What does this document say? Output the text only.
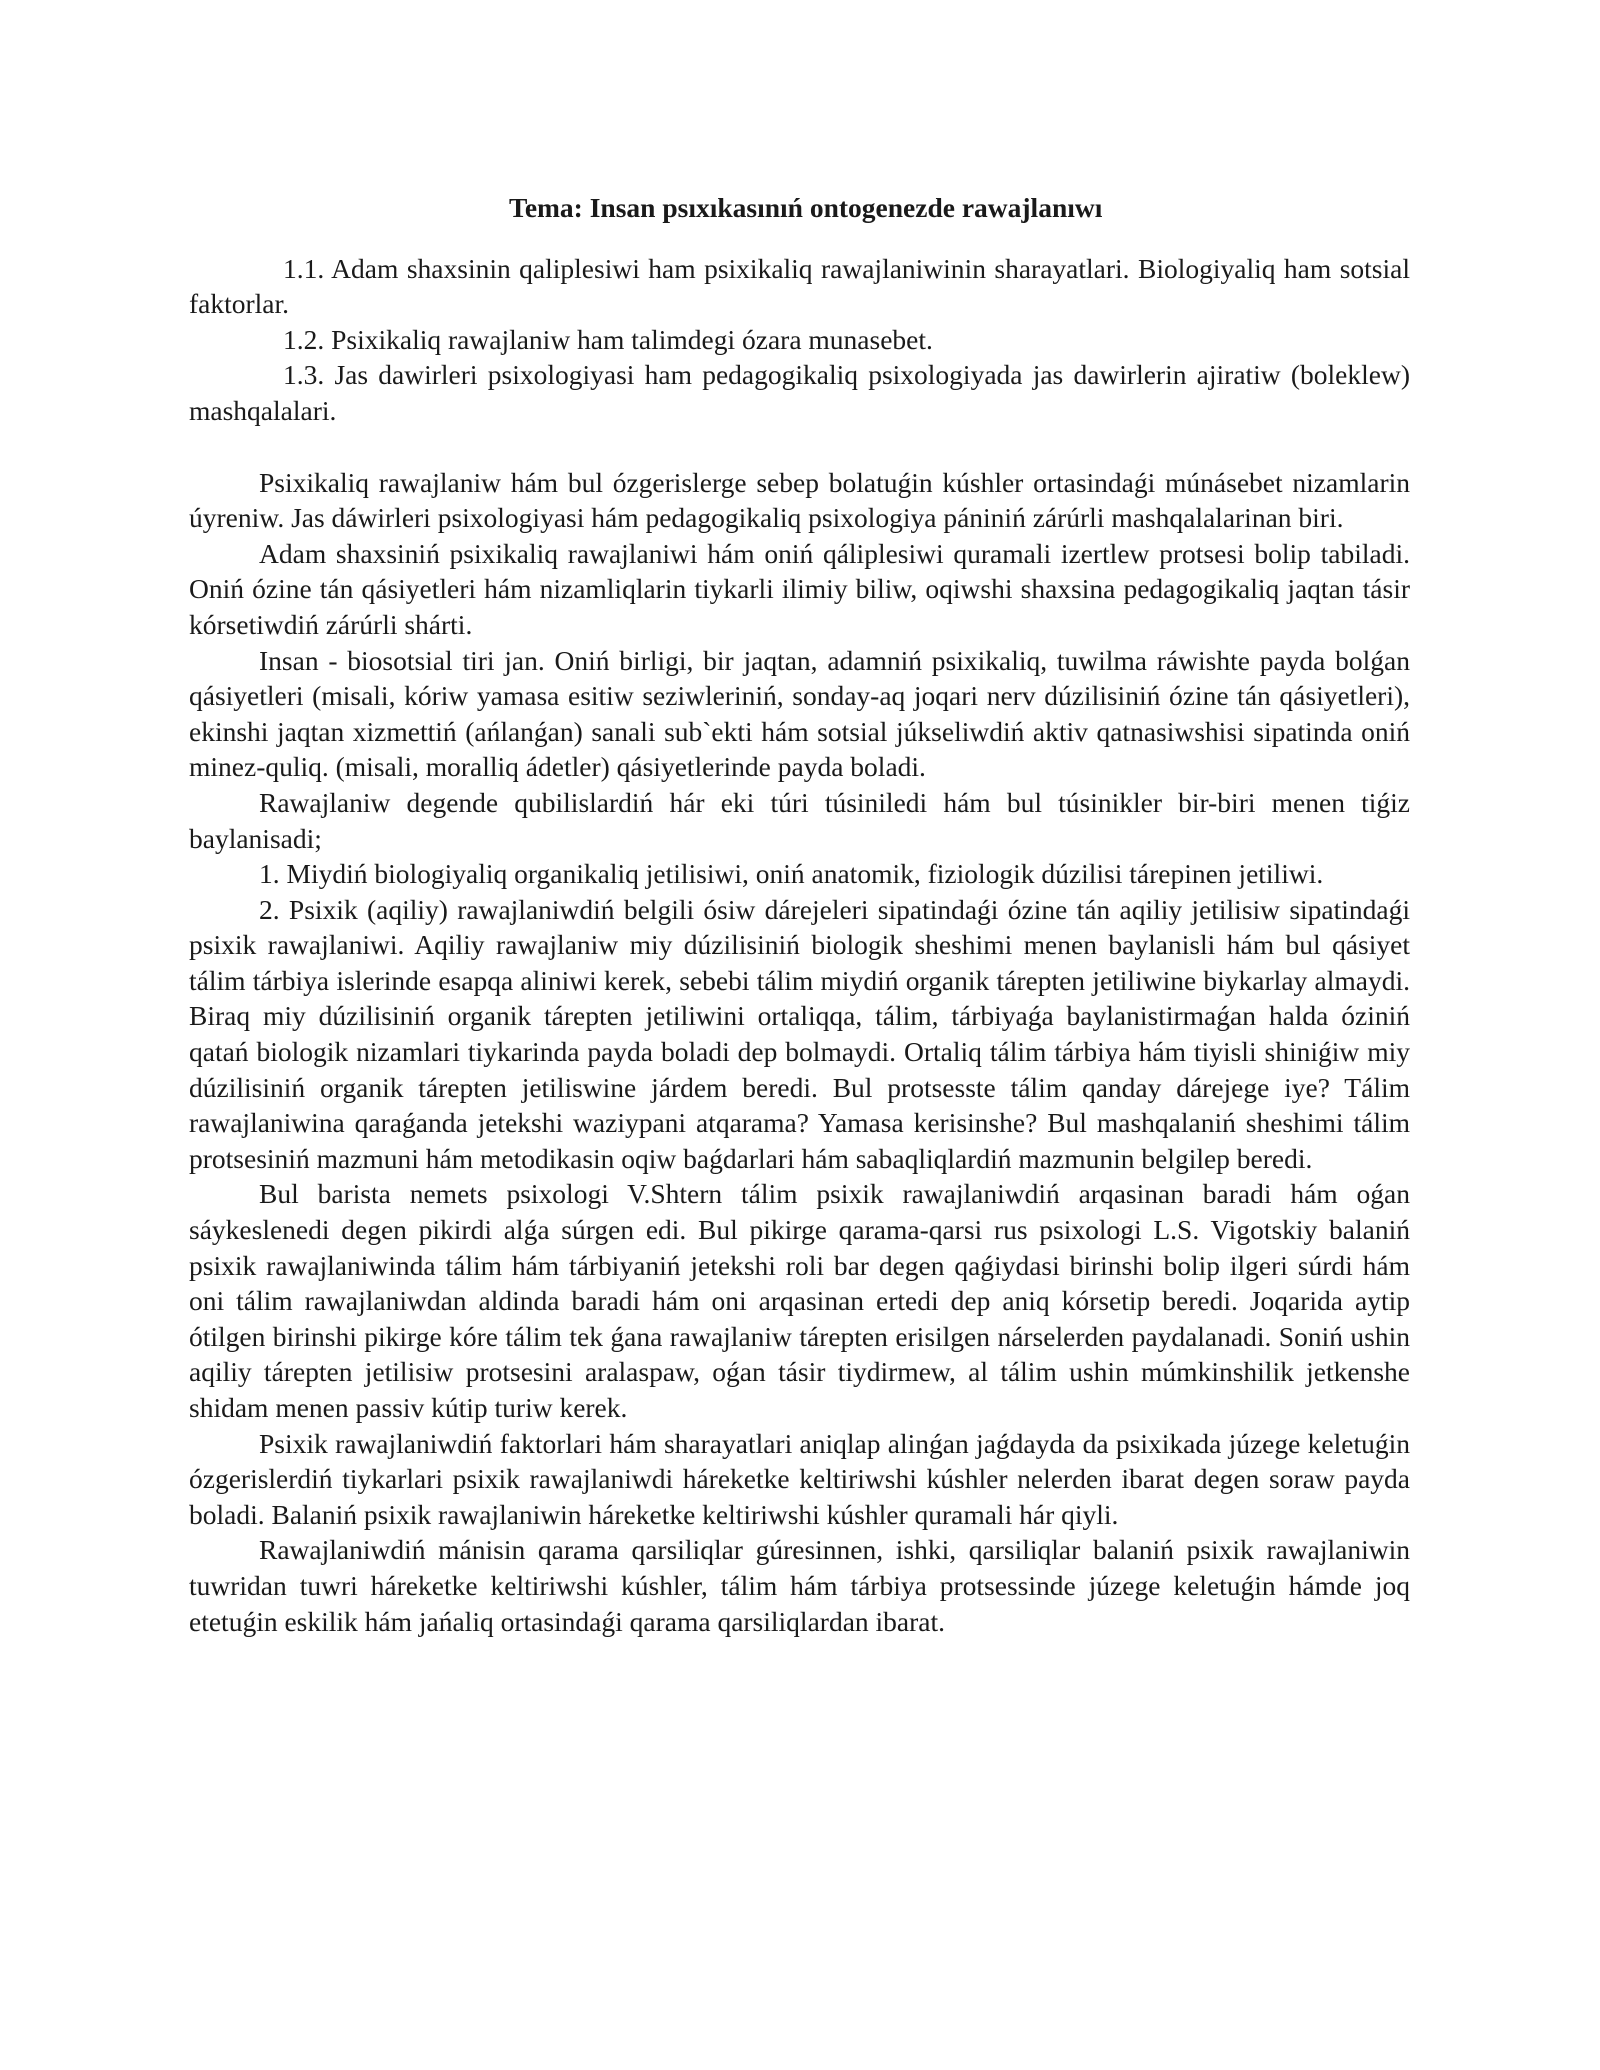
Tema: Insan psıxıkasınıń ontogenezde rawajlanıwı

1.1. Adam shaxsinin qaliplesiwi ham psixikaliq rawajlaniwinin sharayatlari. Biologiyaliq ham sotsial faktorlar.

1.2. Psixikaliq rawajlaniw ham talimdegi ózara munasebet.

1.3. Jas dawirleri psixologiyasi ham pedagogikaliq psixologiyada jas dawirlerin ajiratiw (boleklew) mashqalalari.

Psixikaliq rawajlaniw hám bul ózgerislerge sebep bolatuǵin kúshler ortasindaǵi múnásebet nizamlarin úyreniw. Jas dáwirleri psixologiyasi hám pedagogikaliq psixologiya pániniń zárúrli mashqalalarinan biri.

Adam shaxsiniń psixikaliq rawajlaniwi hám oniń qáliplesiwi quramali izertlew protsesi bolip tabiladi. Oniń ózine tán qásiyetleri hám nizamliqlarin tiykarli ilimiy biliw, oqiwshi shaxsina pedagogikaliq jaqtan tásir kórsetiwdiń zárúrli shárti.

Insan - biosotsial tiri jan. Oniń birligi, bir jaqtan, adamniń psixikaliq, tuwilma ráwishte payda bolǵan qásiyetleri (misali, kóriw yamasa esitiw seziwleriniń, sonday-aq joqari nerv dúzilisiniń ózine tán qásiyetleri), ekinshi jaqtan xizmettiń (ańlanǵan) sanali sub`ekti hám sotsial júkseliwdiń aktiv qatnasiwshisi sipatinda oniń minez-quliq. (misali, moralliq ádetler) qásiyetlerinde payda boladi.

Rawajlaniw degende qubilislardiń hár eki túri túsiniledi hám bul túsinikler bir-biri menen tiǵiz baylanisadi;

1. Miydiń biologiyaliq organikaliq jetilisiwi, oniń anatomik, fiziologik dúzilisi tárepinen jetiliwi.

2. Psixik (aqiliy) rawajlaniwdiń belgili ósiw dárejeleri sipatindaǵi ózine tán aqiliy jetilisiw sipatindaǵi psixik rawajlaniwi. Aqiliy rawajlaniw miy dúzilisiniń biologik sheshimi menen baylanisli hám bul qásiyet tálim tárbiya islerinde esapqa aliniwi kerek, sebebi tálim miydiń organik tárepten jetiliwine biykarlay almaydi. Biraq miy dúzilisiniń organik tárepten jetiliwini ortaliqqa, tálim, tárbiyaǵa baylanistirmaǵan halda óziniń qatań biologik nizamlari tiykarinda payda boladi dep bolmaydi. Ortaliq tálim tárbiya hám tiyisli shiniǵiw miy dúzilisiniń organik tárepten jetiliswine járdem beredi. Bul protsesste tálim qanday dárejege iye? Tálim rawajlaniwina qaraǵanda jetekshi waziypani atqarama? Yamasa kerisinshe? Bul mashqalaniń sheshimi tálim protsesiniń mazmuni hám metodikasin oqiw baǵdarlari hám sabaqliqlardiń mazmunin belgilep beredi.

Bul barista nemets psixologi V.Shtern tálim psixik rawajlaniwdiń arqasinan baradi hám oǵan sáykeslenedi degen pikirdi alǵa súrgen edi. Bul pikirge qarama-qarsi rus psixologi L.S. Vigotskiy balaniń psixik rawajlaniwinda tálim hám tárbiyaniń jetekshi roli bar degen qaǵiydasi birinshi bolip ilgeri súrdi hám oni tálim rawajlaniwdan aldinda baradi hám oni arqasinan ertedi dep aniq kórsetip beredi. Joqarida aytip ótilgen birinshi pikirge kóre tálim tek ǵana rawajlaniw tárepten erisilgen nárselerden paydalanadi. Soniń ushin aqiliy tárepten jetilisiw protsesini aralaspaw, oǵan tásir tiydirmew, al tálim ushin múmkinshilik jetkenshe shidam menen passiv kútip turiw kerek.

Psixik rawajlaniwdiń faktorlari hám sharayatlari aniqlap alinǵan jaǵdayda da psixikada júzege keletuǵin ózgerislerdiń tiykarlari psixik rawajlaniwdi háreketke keltiriwshi kúshler nelerden ibarat degen soraw payda boladi. Balaniń psixik rawajlaniwin háreketke keltiriwshi kúshler quramali hár qiyli.

Rawajlaniwdiń mánisin qarama qarsiliqlar gúresinnen, ishki, qarsiliqlar balaniń psixik rawajlaniwin tuwridan tuwri háreketke keltiriwshi kúshler, tálim hám tárbiya protsessinde júzege keletuǵin hámde joq etetuǵin eskilik hám jańaliq ortasindaǵi qarama qarsiliqlardan ibarat.
